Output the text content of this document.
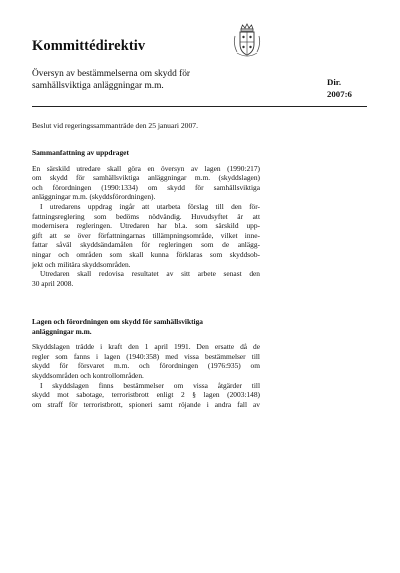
Kommittédirektiv
Översyn av bestämmelserna om skydd för
samhällsviktiga anläggningar m.m.	Dir.
2007:6
Beslut vid regeringssammanträde den 25 januari 2007.
Sammanfattning av uppdraget

En särskild utredare skall göra en översyn av lagen (1990:217)
om skydd för samhällsviktiga anläggningar m.m. (skyddslagen)
och förordningen (1990:1334) om skydd för samhällsviktiga
anläggningar m.m. (skyddsförordningen).

I utredarens uppdrag ingår att utarbeta förslag till den för-
fattningsreglering som bedöms nödvändig. Huvudsyftet är att
modernisera regleringen. Utredaren har bl.a. som särskild upp-
gift att se över författningarnas tillämpningsområde, vilket inne-
fattar såväl skyddsändamålen för regleringen som de anlägg-
ningar och områden som skall kunna förklaras som skyddsob-
jekt och militära skyddsområden.

Utredaren skall redovisa resultatet av sitt arbete senast den
30 april 2008.

Lagen och förordningen om skydd för samhällsviktiga
anläggningar m.m.

Skyddslagen trädde i kraft den 1 april 1991. Den ersatte då de
regler som fanns i lagen (1940:358) med vissa bestämmelser till
skydd för försvaret m.m. och förordningen (1976:935) om
skyddsområden och kontrollområden.

I skyddslagen finns bestämmelser om vissa åtgärder till
skydd mot sabotage, terroristbrott enligt 2 § lagen (2003:148)
om straff för terroristbrott, spioneri samt röjande i andra fall av
